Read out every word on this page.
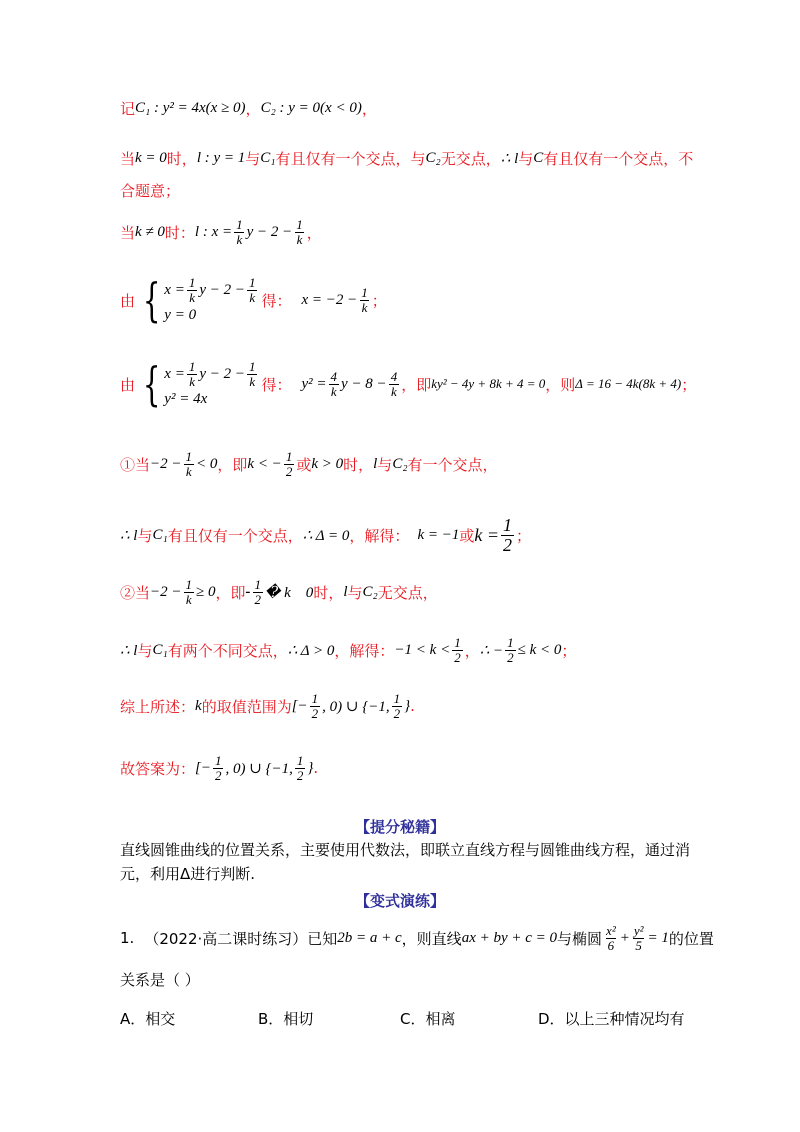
记 C₁ : y² = 4x(x ≥ 0) ， C₂ : y = 0(x < 0) ，
当 k = 0 时， l : y = 1 与 C₁ 有且仅有一个交点，与 C₂ 无交点， ∴ l 与 C 有且仅有一个交点，不
合题意；
当 k ≠ 0 时： l : $x = \frac{1}{k}$ $y - 2 - \frac{1}{k}$ ，
由 { $x = \frac{1}{k}$ $y - 2 - \frac{1}{k}$
y = 0
得： $x = -2 - \frac{1}{k}$ ；
由 { $x = \frac{1}{k}$ $y - 2 - \frac{1}{k}$
y² = 4x
得： $y^2 = \frac{4}{k}$ $y - 8 - \frac{4}{k}$ ，即 ky² − 4y + 8k + 4 = 0 ，则 Δ = 16 − 4k(8k + 4) ；
①当 $-2 - \frac{1}{k} < 0$ ，即 k < − $\frac{1}{2}$ 或 k > 0 时， l 与 C₂ 有一个交点，
∴ l 与 C₁ 有且仅有一个交点， ∴ Δ = 0 ，解得： k = −1 或 $k = \frac{1}{2}$ ；
②当 $-2 - \frac{1}{k} \ge 0$ ，即 - $\frac{1}{2}$ � k    0 时， l 与 C₂ 无交点，
∴ l 与 C₁ 有两个不同交点， ∴ Δ > 0 ，解得： $-1 < k < \frac{1}{2}$ ， ∴ − $\frac{1}{2} \le k < 0$ ；
综上所述： k 的取值范围为 [− $\frac{1}{2}$ , 0) ∪ {−1, $\frac{1}{2}$ } .
故答案为： [− $\frac{1}{2}$ , 0) ∪ {−1, $\frac{1}{2}$ } .
【提分秘籍】
直线圆锥曲线的位置关系，主要使用代数法，即联立直线方程与圆锥曲线方程，通过消
元，利用Δ进行判断.
【变式演练】
1. （2022·高二课时练习）已知 2b = a + c ，则直线 ax + by + c = 0 与椭圆 $\frac{\text{x²}}{6} + \frac{\text{y²}}{5} = 1$ 的位置
关系是（ ）
A．相交	B．相切	C．相离	D．以上三种情况均有
